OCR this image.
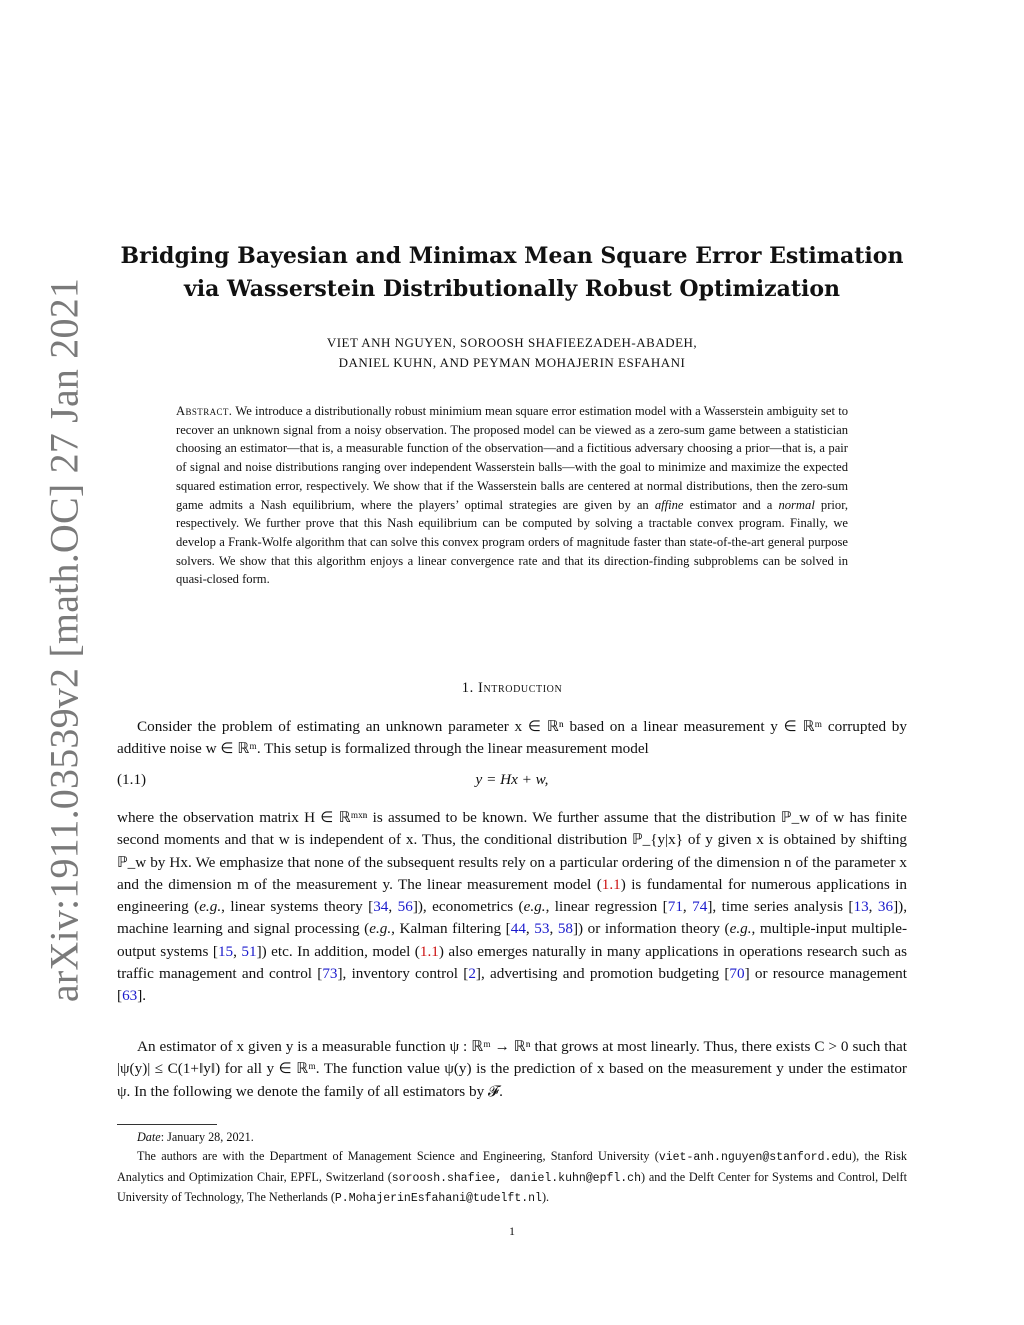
arXiv:1911.03539v2 [math.OC] 27 Jan 2021
Bridging Bayesian and Minimax Mean Square Error Estimation
via Wasserstein Distributionally Robust Optimization
VIET ANH NGUYEN, SOROOSH SHAFIEEZADEH-ABADEH,
DANIEL KUHN, AND PEYMAN MOHAJERIN ESFAHANI
Abstract. We introduce a distributionally robust minimium mean square error estimation model with a Wasserstein ambiguity set to recover an unknown signal from a noisy observation. The proposed model can be viewed as a zero-sum game between a statistician choosing an estimator—that is, a measurable function of the observation—and a fictitious adversary choosing a prior—that is, a pair of signal and noise distributions ranging over independent Wasserstein balls—with the goal to minimize and maximize the expected squared estimation error, respectively. We show that if the Wasserstein balls are centered at normal distributions, then the zero-sum game admits a Nash equilibrium, where the players’ optimal strategies are given by an affine estimator and a normal prior, respectively. We further prove that this Nash equilibrium can be computed by solving a tractable convex program. Finally, we develop a Frank-Wolfe algorithm that can solve this convex program orders of magnitude faster than state-of-the-art general purpose solvers. We show that this algorithm enjoys a linear convergence rate and that its direction-finding subproblems can be solved in quasi-closed form.
1. Introduction

Consider the problem of estimating an unknown parameter x ∈ ℝⁿ based on a linear measurement y ∈ ℝᵐ corrupted by additive noise w ∈ ℝᵐ. This setup is formalized through the linear measurement model

(1.1)	y = Hx + w,

where the observation matrix H ∈ ℝᵐˣⁿ is assumed to be known. We further assume that the distribution ℙ_w of w has finite second moments and that w is independent of x. Thus, the conditional distribution ℙ_{y|x} of y given x is obtained by shifting ℙ_w by Hx. We emphasize that none of the subsequent results rely on a particular ordering of the dimension n of the parameter x and the dimension m of the measurement y. The linear measurement model (1.1) is fundamental for numerous applications in engineering (e.g., linear systems theory [34, 56]), econometrics (e.g., linear regression [71, 74], time series analysis [13, 36]), machine learning and signal processing (e.g., Kalman filtering [44, 53, 58]) or information theory (e.g., multiple-input multiple-output systems [15, 51]) etc. In addition, model (1.1) also emerges naturally in many applications in operations research such as traffic management and control [73], inventory control [2], advertising and promotion budgeting [70] or resource management [63].

An estimator of x given y is a measurable function ψ : ℝᵐ → ℝⁿ that grows at most linearly. Thus, there exists C > 0 such that |ψ(y)| ≤ C(1+‖y‖) for all y ∈ ℝᵐ. The function value ψ(y) is the prediction of x based on the measurement y under the estimator ψ. In the following we denote the family of all estimators by 𝓕.

Date: January 28, 2021.

The authors are with the Department of Management Science and Engineering, Stanford University (viet-anh.nguyen@stanford.edu), the Risk Analytics and Optimization Chair, EPFL, Switzerland (soroosh.shafiee, daniel.kuhn@epfl.ch) and the Delft Center for Systems and Control, Delft University of Technology, The Netherlands (P.MohajerinEsfahani@tudelft.nl).

1
